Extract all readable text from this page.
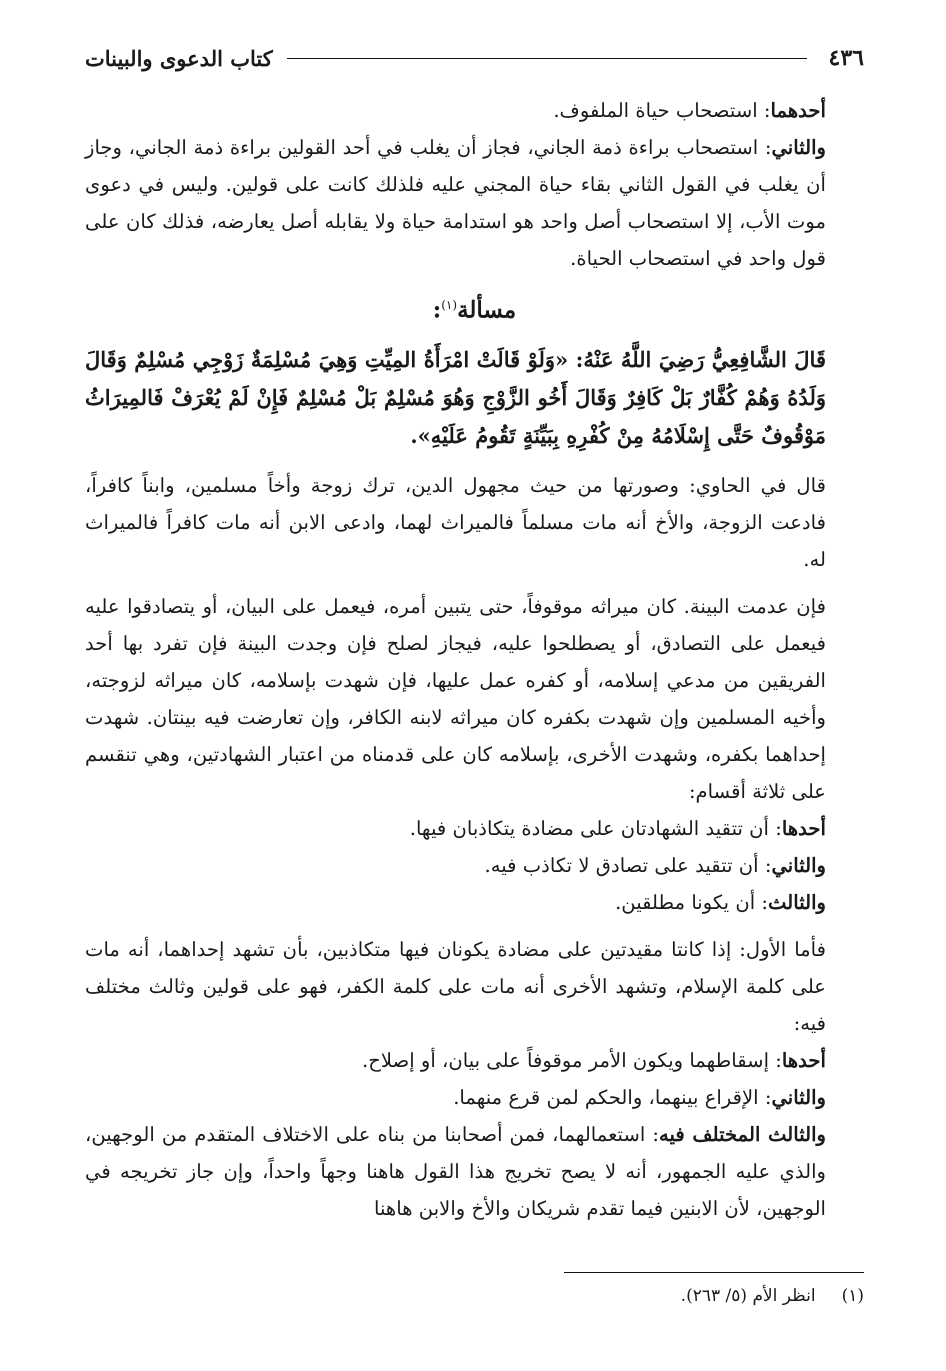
٤٣٦
كتاب الدعوى والبينات

أحدهما: استصحاب حياة الملفوف.

والثاني: استصحاب براءة ذمة الجاني، فجاز أن يغلب في أحد القولين براءة ذمة الجاني، وجاز أن يغلب في القول الثاني بقاء حياة المجني عليه فلذلك كانت على قولين. وليس في دعوى موت الأب، إلا استصحاب أصل واحد هو استدامة حياة ولا يقابله أصل يعارضه، فذلك كان على قول واحد في استصحاب الحياة.

مسألة$^{(١)}$:

قَالَ الشَّافِعِيُّ رَضِيَ اللَّهُ عَنْهُ: «وَلَوْ قَالَتْ امْرَأَةُ المِيِّتِ وَهِيَ مُسْلِمَةٌ زَوْجِي مُسْلِمٌ وَقَالَ وَلَدُهُ وَهُمْ كُفَّارٌ بَلْ كَافِرٌ وَقَالَ أَخُو الزَّوْجِ وَهُوَ مُسْلِمٌ بَلْ مُسْلِمٌ فَإِنْ لَمْ يُعْرَفْ فَالمِيرَاثُ مَوْقُوفٌ حَتَّى إِسْلَامُهُ مِنْ كُفْرِهِ بِبَيِّنَةٍ تَقُومُ عَلَيْهِ».

قال في الحاوي: وصورتها من حيث مجهول الدين، ترك زوجة وأخاً مسلمين، وابناً كافراً، فادعت الزوجة، والأخ أنه مات مسلماً فالميراث لهما، وادعى الابن أنه مات كافراً فالميراث له.

فإن عدمت البينة. كان ميراثه موقوفاً، حتى يتبين أمره، فيعمل على البيان، أو يتصادقوا عليه فيعمل على التصادق، أو يصطلحوا عليه، فيجاز لصلح فإن وجدت البينة فإن تفرد بها أحد الفريقين من مدعي إسلامه، أو كفره عمل عليها، فإن شهدت بإسلامه، كان ميراثه لزوجته، وأخيه المسلمين وإن شهدت بكفره كان ميراثه لابنه الكافر، وإن تعارضت فيه بينتان. شهدت إحداهما بكفره، وشهدت الأخرى، بإسلامه كان على قدمناه من اعتبار الشهادتين، وهي تنقسم على ثلاثة أقسام:

أحدها: أن تتقيد الشهادتان على مضادة يتكاذبان فيها.

والثاني: أن تتقيد على تصادق لا تكاذب فيه.

والثالث: أن يكونا مطلقين.

فأما الأول: إذا كانتا مقيدتين على مضادة يكونان فيها متكاذبين، بأن تشهد إحداهما، أنه مات على كلمة الإسلام، وتشهد الأخرى أنه مات على كلمة الكفر، فهو على قولين وثالث مختلف فيه:

أحدها: إسقاطهما ويكون الأمر موقوفاً على بيان، أو إصلاح.

والثاني: الإقراع بينهما، والحكم لمن قرع منهما.

والثالث المختلف فيه: استعمالهما، فمن أصحابنا من بناه على الاختلاف المتقدم من الوجهين، والذي عليه الجمهور، أنه لا يصح تخريج هذا القول هاهنا وجهاً واحداً، وإن جاز تخريجه في الوجهين، لأن الابنين فيما تقدم شريكان والأخ والابن هاهنا

(١)
انظر الأم (٥/ ٢٦٣).
